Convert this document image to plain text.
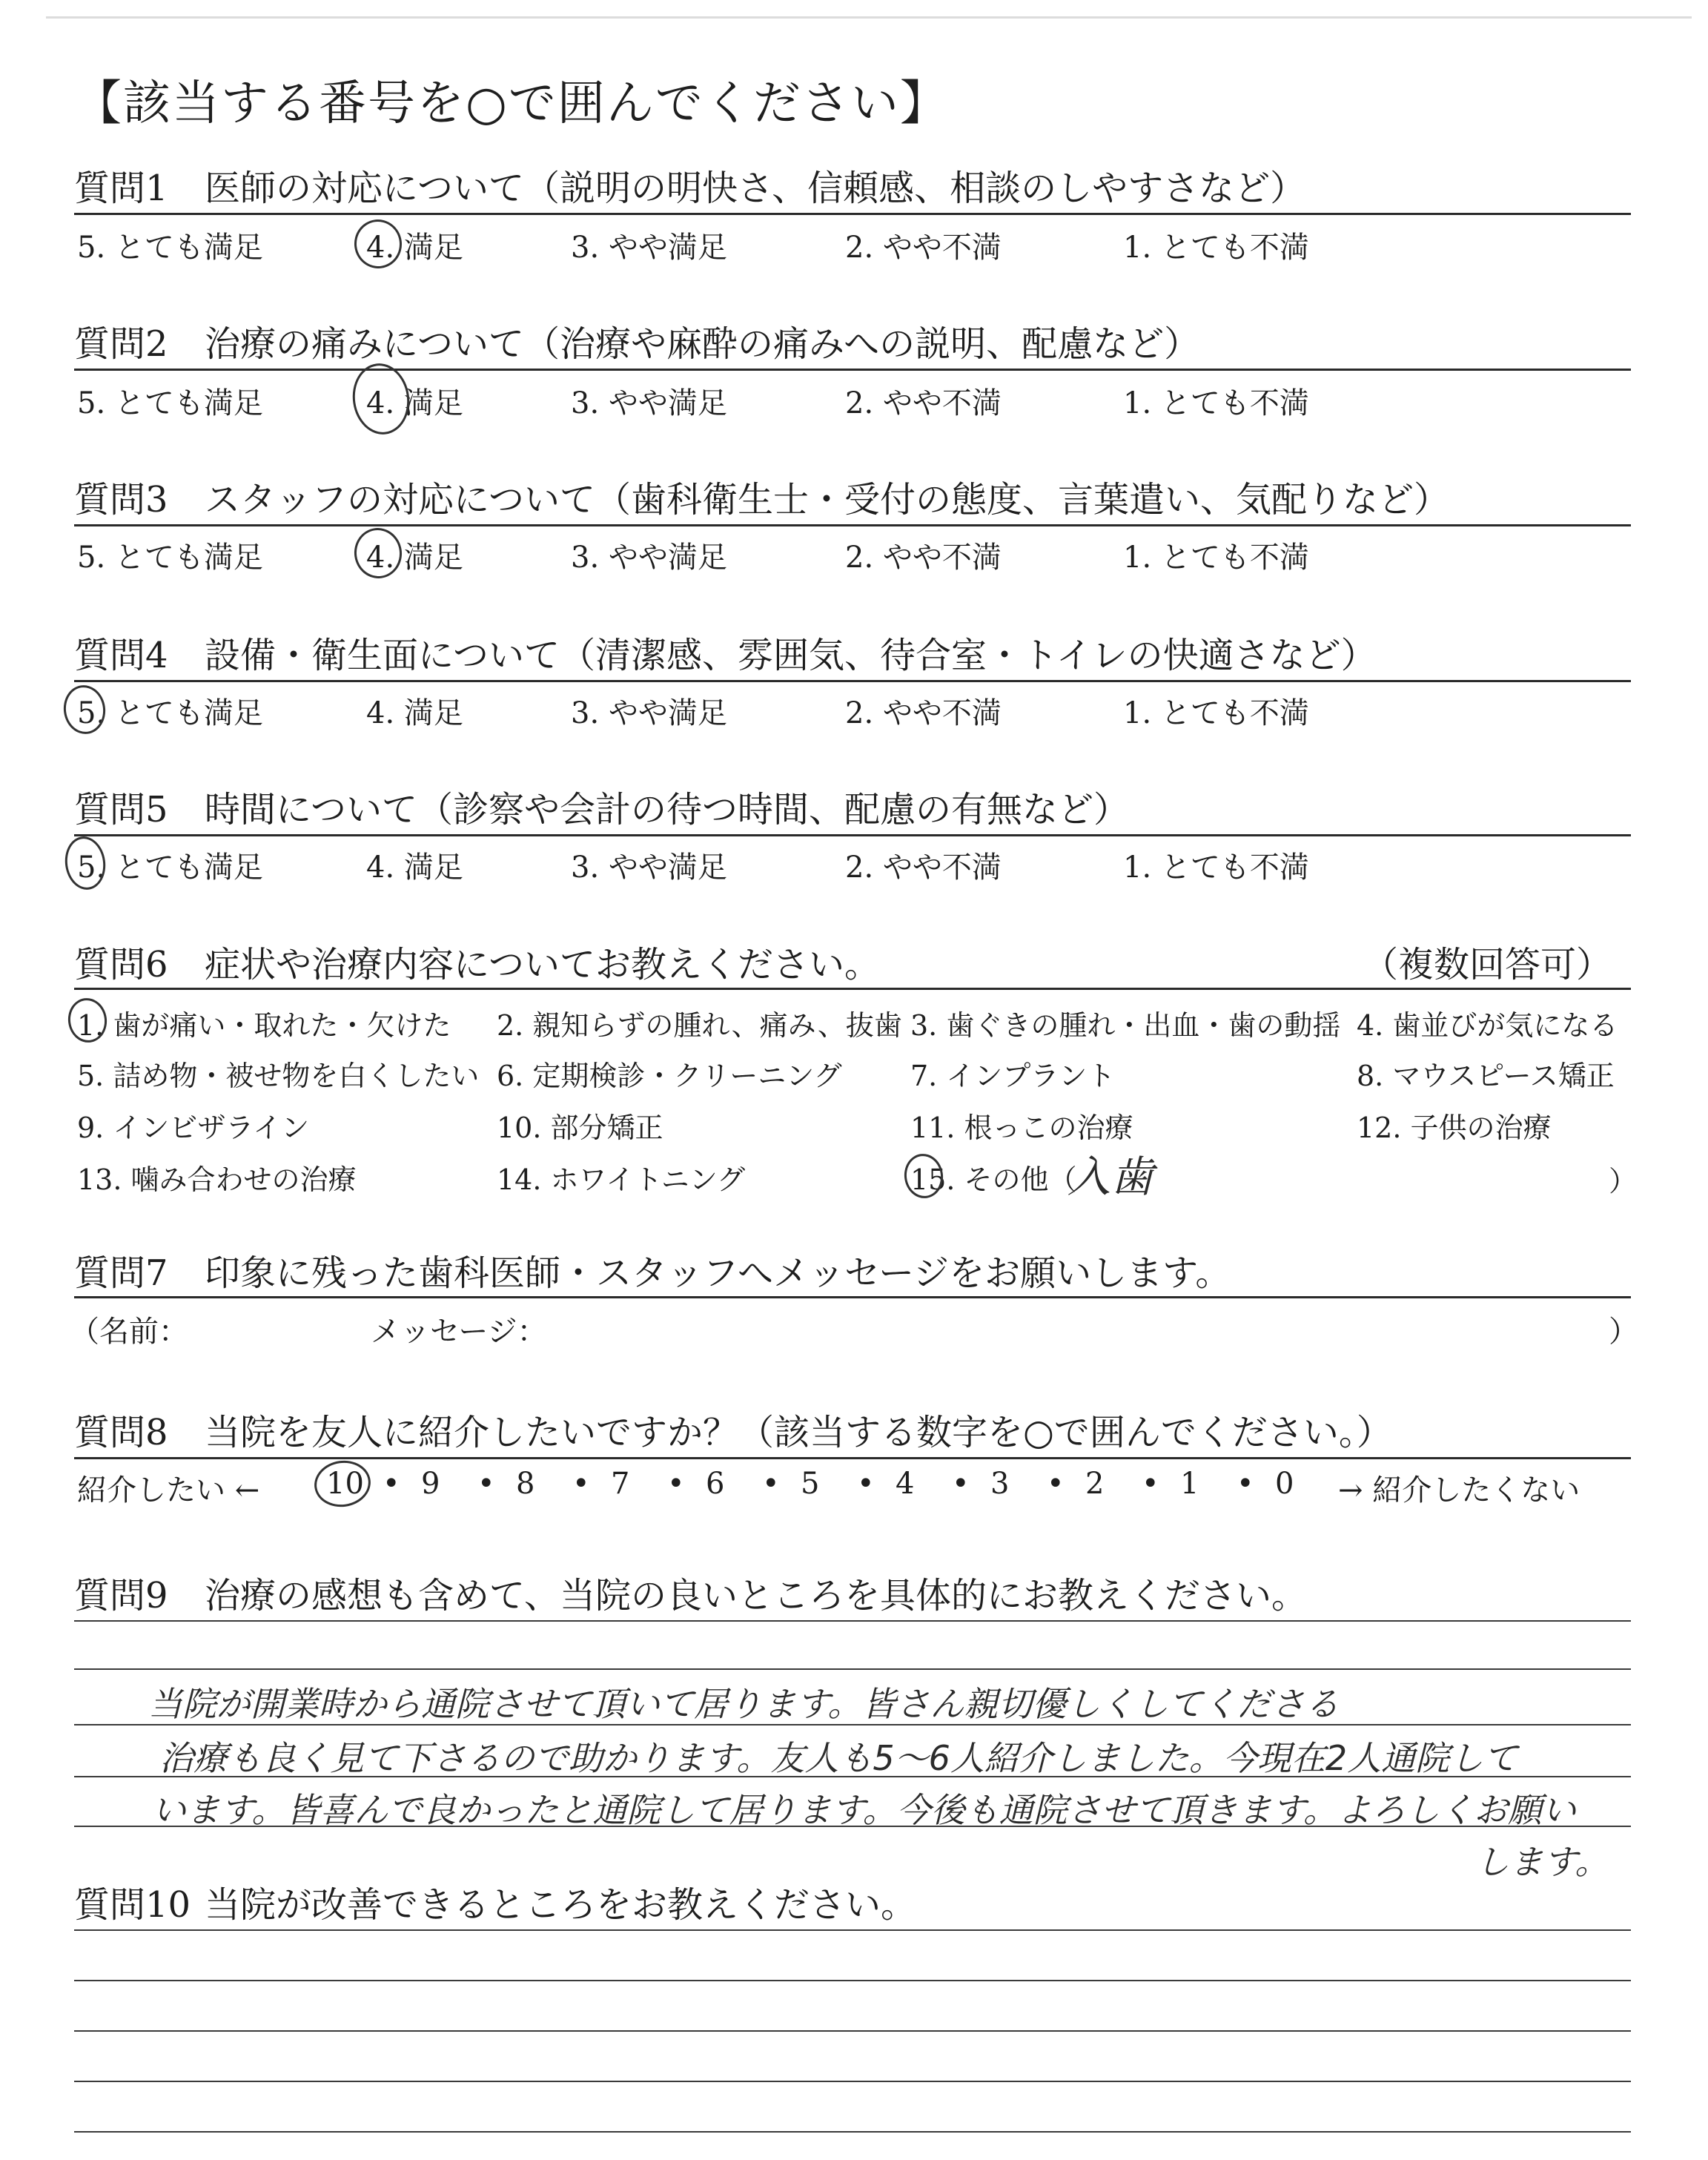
【該当する番号を○で囲んでください】
質問1 医師の対応について（説明の明快さ、信頼感、相談のしやすさなど）
5. とても満足	4. 満足	3. やや満足	2. やや不満	1. とても不満
質問2 治療の痛みについて（治療や麻酔の痛みへの説明、配慮など）
5. とても満足	4. 満足	3. やや満足	2. やや不満	1. とても不満
質問3 スタッフの対応について（歯科衛生士・受付の態度、言葉遣い、気配りなど）
5. とても満足	4. 満足	3. やや満足	2. やや不満	1. とても不満
質問4 設備・衛生面について（清潔感、雰囲気、待合室・トイレの快適さなど）
5. とても満足	4. 満足	3. やや満足	2. やや不満	1. とても不満
質問5 時間について（診察や会計の待つ時間、配慮の有無など）
5. とても満足	4. 満足	3. やや満足	2. やや不満	1. とても不満
質問6 症状や治療内容についてお教えください。	（複数回答可）
1. 歯が痛い・取れた・欠けた 2. 親知らずの腫れ、痛み、抜歯 3. 歯ぐきの腫れ・出血・歯の動揺 4. 歯並びが気になる
5. 詰め物・被せ物を白くしたい 6. 定期検診・クリーニング 7. インプラント	8. マウスピース矯正
9. インビザライン	10. 部分矯正	11. 根っこの治療	12. 子供の治療
13. 噛み合わせの治療	14. ホワイトニング	15. その他（
入歯	）
質問7 印象に残った歯科医師・スタッフへメッセージをお願いします。
（名前：	メッセージ：	）
質問8 当院を友人に紹介したいですか？（該当する数字を○で囲んでください。）
紹介したい ← 10 • 9 • 8 • 7 • 6 • 5 • 4 • 3 • 2 • 1 • 0 → 紹介したくない
質問9 治療の感想も含めて、当院の良いところを具体的にお教えください。
当院が開業時から通院させて頂いて居ります。皆さん親切優しくしてくださる
治療も良く見て下さるので助かります。友人も5〜6人紹介しました。今現在2人通院して
います。皆喜んで良かったと通院して居ります。今後も通院させて頂きます。よろしくお願い
します。
質問10 当院が改善できるところをお教えください。
